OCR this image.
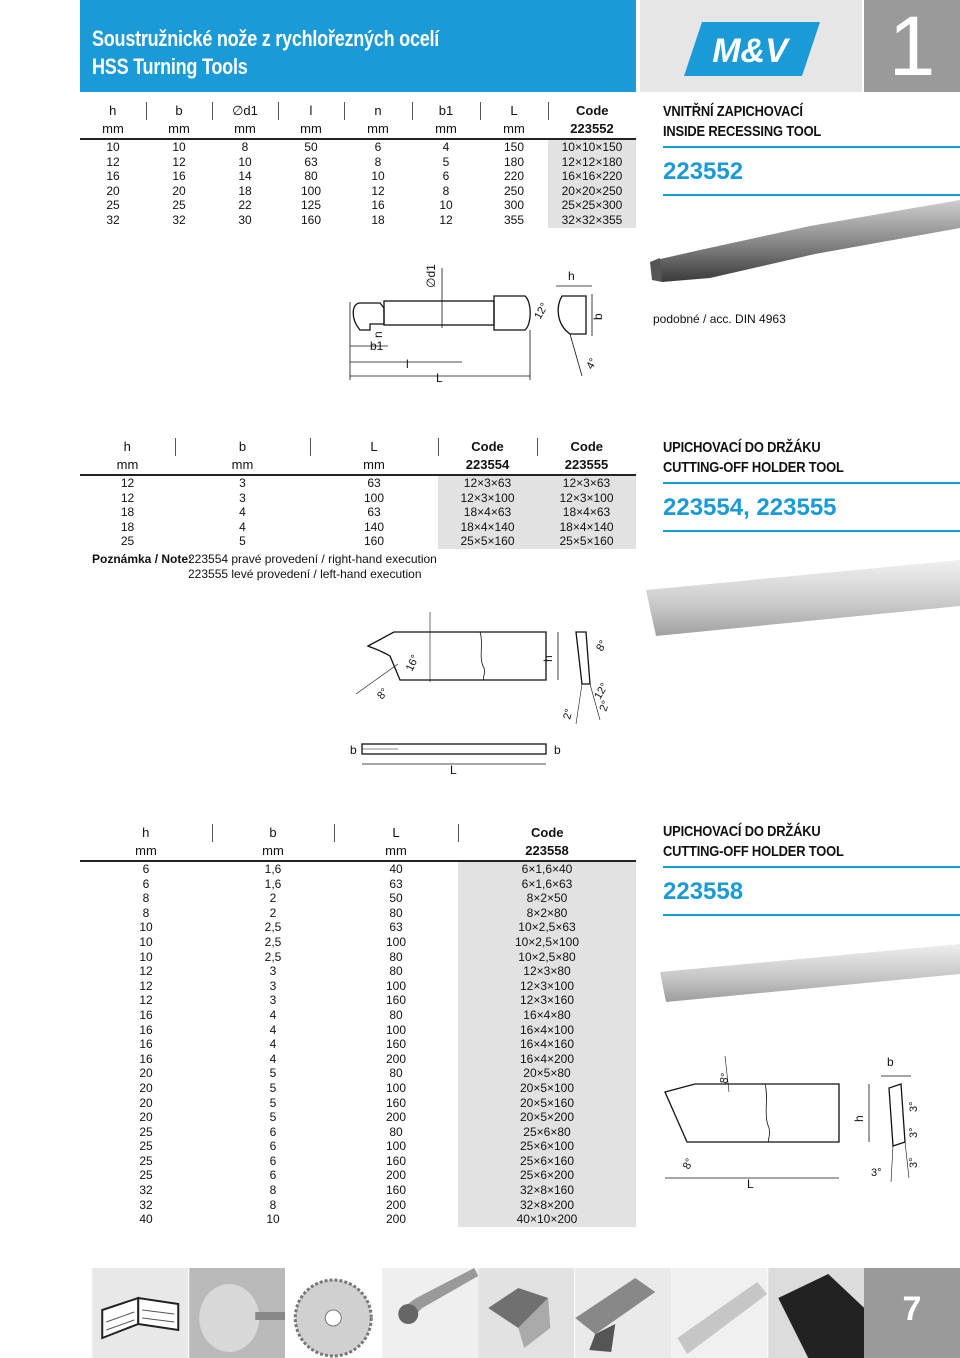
Soustružnické nože z rychlořezných ocelí
HSS Turning Tools	M&V 1
h	b	∅d1	l	n	b1	L	Code
mm	mm	mm	mm	mm	mm	mm	223552
10	10	8	50	6	4	150	10×10×150
12	12	10	63	8	5	180	12×12×180
16	16	14	80	10	6	220	16×16×220
20	20	18	100	12	8	250	20×20×250
25	25	22	125	16	10	300	25×25×300
32	32	30	160	18	12	355	32×32×355
VNITŘNÍ ZAPICHOVACÍ
INSIDE RECESSING TOOL
223552
∅d1
n
b1
l
L
h
b
12°
4°
podobné / acc. DIN 4963
h	b	L	Code	Code
mm	mm	mm	223554	223555
12	3	63	12×3×63	12×3×63
12	3	100	12×3×100	12×3×100
18	4	63	18×4×63	18×4×63
18	4	140	18×4×140	18×4×140
25	5	160	25×5×160	25×5×160
Poznámka / Note:
223554 pravé provedení / right-hand execution
223555 levé provedení / left-hand execution
UPICHOVACÍ DO DRŽÁKU
CUTTING-OFF HOLDER TOOL
223554, 223555
16°
8°
h
8°
12°
2°
2°
b
L
b
h	b	L	Code
mm	mm	mm	223558
6	1,6	40	6×1,6×40
6	1,6	63	6×1,6×63
8	2	50	8×2×50
8	2	80	8×2×80
10	2,5	63	10×2,5×63
10	2,5	100	10×2,5×100
10	2,5	80	10×2,5×80
12	3	80	12×3×80
12	3	100	12×3×100
12	3	160	12×3×160
16	4	80	16×4×80
16	4	100	16×4×100
16	4	160	16×4×160
16	4	200	16×4×200
20	5	80	20×5×80
20	5	100	20×5×100
20	5	160	20×5×160
20	5	200	20×5×200
25	6	80	25×6×80
25	6	100	25×6×100
25	6	160	25×6×160
25	6	200	25×6×200
32	8	160	32×8×160
32	8	200	32×8×200
40	10	200	40×10×200
UPICHOVACÍ DO DRŽÁKU
CUTTING-OFF HOLDER TOOL
223558
8°
8°
h
b
3°
3°
3°
3°
L
7
